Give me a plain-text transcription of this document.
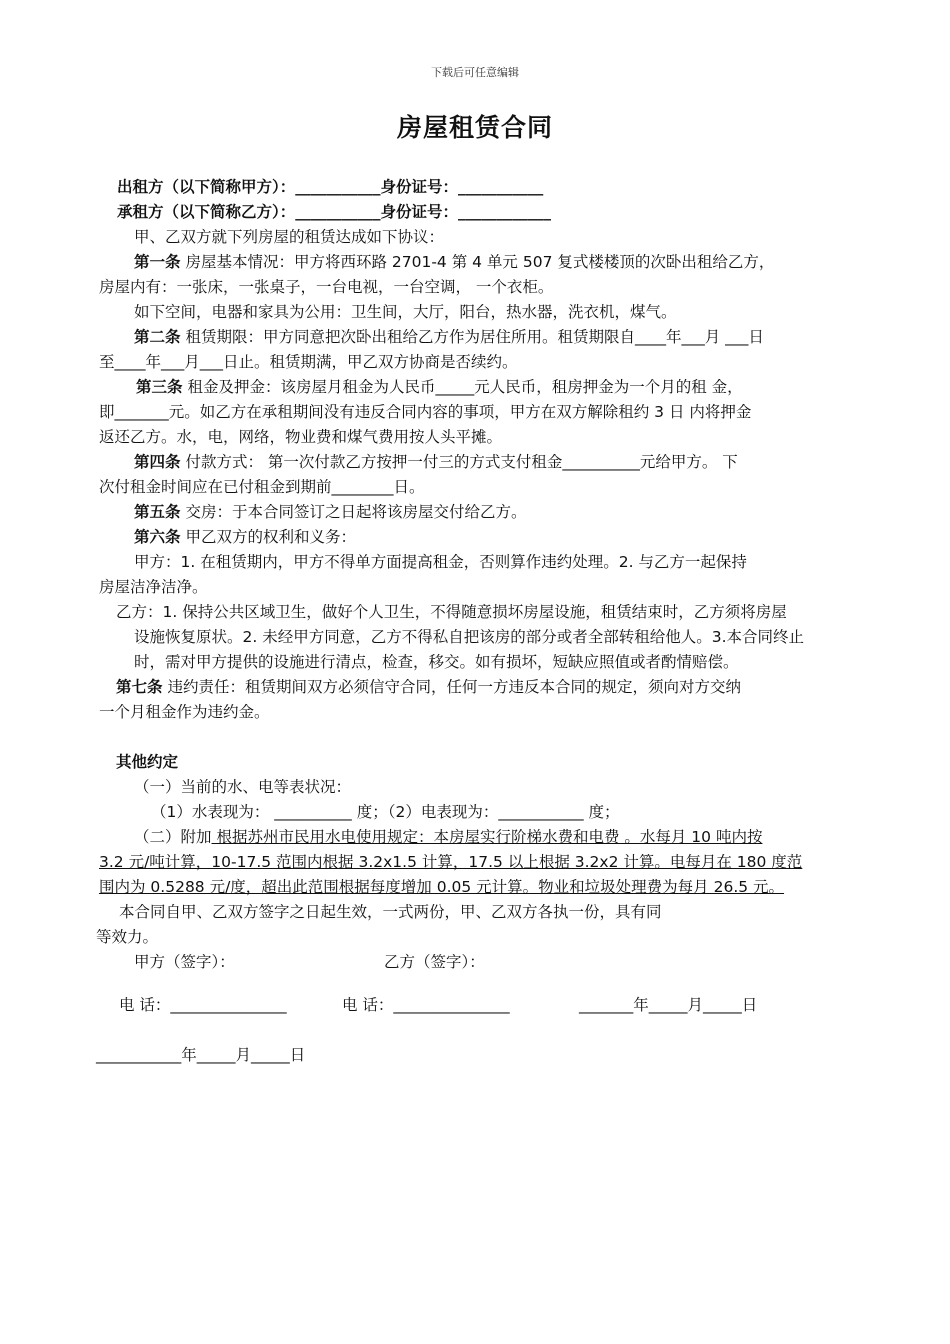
下载后可任意编辑
房屋租赁合同
出租方（以下简称甲方）：___________身份证号：___________
承租方（以下简称乙方）：___________身份证号：____________
甲、乙双方就下列房屋的租赁达成如下协议：
第一条 房屋基本情况：甲方将西环路 2701-4 第 4 单元 507 复式楼楼顶的次卧出租给乙方，
房屋内有：一张床，一张桌子，一台电视，一台空调， 一个衣柜。
如下空间，电器和家具为公用：卫生间，大厅，阳台，热水器，洗衣机，煤气。
第二条 租赁期限：甲方同意把次卧出租给乙方作为居住所用。租赁期限自____年___月 ___日
至____年___月___日止。租赁期满，甲乙双方协商是否续约。
第三条 租金及押金：该房屋月租金为人民币_____元人民币，租房押金为一个月的租 金，
即_______元。如乙方在承租期间没有违反合同内容的事项，甲方在双方解除租约 3 日 内将押金
返还乙方。水，电，网络，物业费和煤气费用按人头平摊。
第四条 付款方式： 第一次付款乙方按押一付三的方式支付租金__________元给甲方。 下
次付租金时间应在已付租金到期前________日。
第五条 交房：于本合同签订之日起将该房屋交付给乙方。
第六条 甲乙双方的权利和义务：
甲方：1. 在租赁期内，甲方不得单方面提高租金，否则算作违约处理。2. 与乙方一起保持
房屋洁净洁净。
乙方：1. 保持公共区域卫生，做好个人卫生，不得随意损坏房屋设施，租赁结束时，乙方须将房屋
设施恢复原状。2. 未经甲方同意，乙方不得私自把该房的部分或者全部转租给他人。3.本合同终止
时，需对甲方提供的设施进行清点，检查，移交。如有损坏，短缺应照值或者酌情赔偿。
第七条 违约责任：租赁期间双方必须信守合同，任何一方违反本合同的规定，须向对方交纳
一个月租金作为违约金。
其他约定
（一）当前的水、电等表状况：
（1）水表现为： __________ 度；（2）电表现为：___________ 度；
（二）附加 根据苏州市民用水电使用规定：本房屋实行阶梯水费和电费 。水每月 10 吨内按
3.2 元/吨计算，10-17.5 范围内根据 3.2x1.5 计算，17.5 以上根据 3.2x2 计算。电每月在 180 度范
围内为 0.5288 元/度，超出此范围根据每度增加 0.05 元计算。物业和垃圾处理费为每月 26.5 元。
本合同自甲、乙双方签字之日起生效，一式两份，甲、乙双方各执一份，具有同
等效力。
甲方（签字）：	乙方（签字）：
电 话：_______________	电 话：_______________	_______年_____月_____日
___________年_____月_____日
